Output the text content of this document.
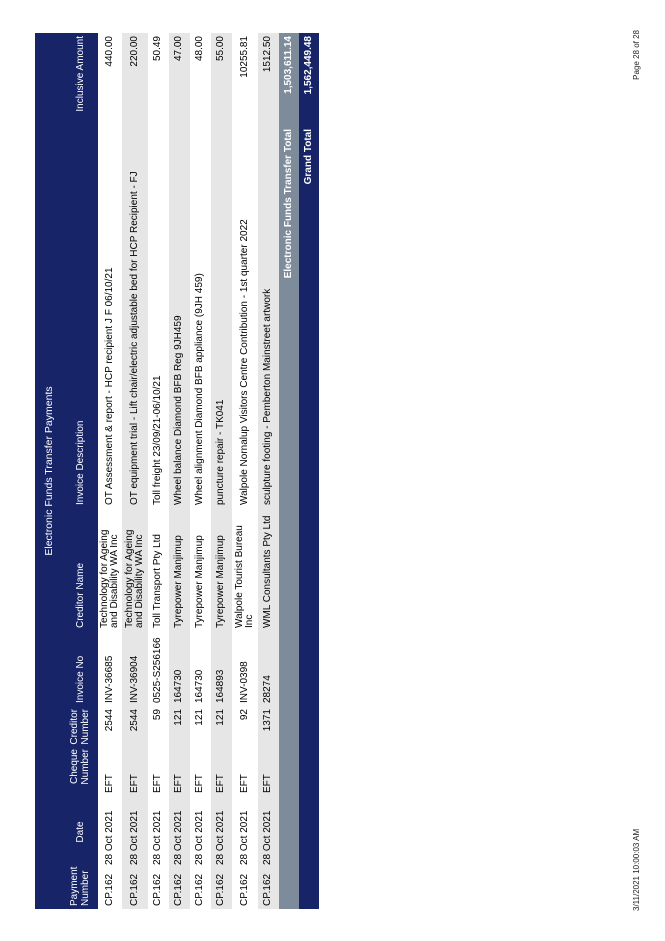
Electronic Funds Transfer Payments
Payment Number
Date
Cheque Number
Creditor Number
Invoice No
Creditor Name
Invoice Description
Inclusive Amount
CP.162
28 Oct 2021
EFT
2544
INV-36685
Technology for Ageing and Disability WA Inc
OT Assessment & report - HCP recipient J F 06/10/21
440.00
CP.162
28 Oct 2021
EFT
2544
INV-36904
Technology for Ageing and Disability WA Inc
OT equipment trial - Lift chair/electric adjustable bed for HCP Recipient - FJ
220.00
CP.162
28 Oct 2021
EFT
59
0525-S256166
Toll Transport Pty Ltd
Toll freight 23/09/21-06/10/21
50.49
CP.162
28 Oct 2021
EFT
121
164730
Tyrepower Manjimup
Wheel balance Diamond BFB Reg 9JH459
47.00
CP.162
28 Oct 2021
EFT
121
164730
Tyrepower Manjimup
Wheel alignment Diamond BFB appliance (9JH 459)
48.00
CP.162
28 Oct 2021
EFT
121
164893
Tyrepower Manjimup
puncture repair - TK041
55.00
CP.162
28 Oct 2021
EFT
92
INV-0398
Walpole Tourist Bureau Inc
Walpole Nornalup Visitors Centre Contribution - 1st quarter 2022
10255.81
CP.162
28 Oct 2021
EFT
1371
28274
WML Consultants Pty Ltd
sculpture footing - Pemberton Mainstreet artwork
1512.50
Electronic Funds Transfer Total
1,503,611.14
Grand Total
1,562,449.48
3/11/2021 10:00:03 AM
Page 28 of 28
